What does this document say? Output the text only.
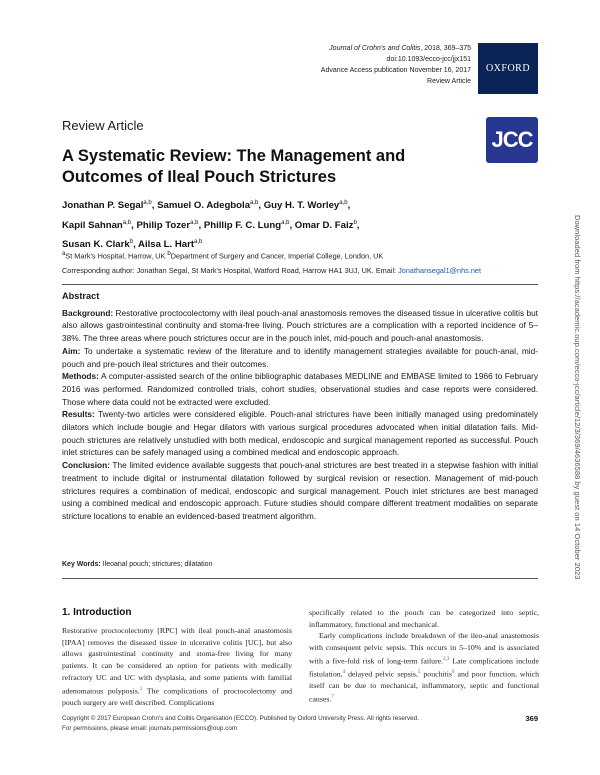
Journal of Crohn's and Colitis, 2018, 369–375
doi:10.1093/ecco-jcc/jjx151
Advance Access publication November 16, 2017
Review Article
OXFORD
Review Article
JCC
A Systematic Review: The Management and Outcomes of Ileal Pouch Strictures
Jonathan P. Segal$^{a,b}$, Samuel O. Adegbola$^{a,b}$, Guy H. T. Worley$^{a,b}$,
Kapil Sahnan$^{a,b}$, Philip Tozer$^{a,b}$, Phillip F. C. Lung$^{a,b}$, Omar D. Faiz$^b$,
Susan K. Clark$^b$, Ailsa L. Hart$^{a,b}$
$^a$St Mark's Hospital, Harrow, UK $^b$Department of Surgery and Cancer, Imperial College, London, UK
Corresponding author: Jonathan Segal, St Mark's Hospital, Watford Road, Harrow HA1 3UJ, UK. Email: Jonathansegal1@nhs.net
Abstract

Background: Restorative proctocolectomy with ileal pouch-anal anastomosis removes the diseased tissue in ulcerative colitis but also allows gastrointestinal continuity and stoma-free living. Pouch strictures are a complication with a reported incidence of 5–38%. The three areas where pouch strictures occur are in the pouch inlet, mid-pouch and pouch-anal anastomosis.

Aim: To undertake a systematic review of the literature and to identify management strategies available for pouch-anal, mid-pouch and pre-pouch ileal strictures and their outcomes.

Methods: A computer-assisted search of the online bibliographic databases MEDLINE and EMBASE limited to 1966 to February 2016 was performed. Randomized controlled trials, cohort studies, observational studies and case reports were considered. Those where data could not be extracted were excluded.

Results: Twenty-two articles were considered eligible. Pouch-anal strictures have been initially managed using predominately dilators which include bougie and Hegar dilators with various surgical procedures advocated when initial dilatation fails. Mid-pouch strictures are relatively unstudied with both medical, endoscopic and surgical management reported as successful. Pouch inlet strictures can be safely managed using a combined medical and endoscopic approach.

Conclusion: The limited evidence available suggests that pouch-anal strictures are best treated in a stepwise fashion with initial treatment to include digital or instrumental dilatation followed by surgical revision or resection. Management of mid-pouch strictures requires a combination of medical, endoscopic and surgical management. Pouch inlet strictures are best managed using a combined medical and endoscopic approach. Future studies should compare different treatment modalities on separate stricture locations to enable an evidenced-based treatment algorithm.

Key Words: Ileoanal pouch; strictures; dilatation
1. Introduction

Restorative proctocolectomy [RPC] with ileal pouch-anal anastomosis [IPAA] removes the diseased tissue in ulcerative colitis [UC], but also allows gastrointestinal continuity and stoma-free living for many patients. It can be considered an option for patients with medically refractory UC and UC with dysplasia, and some patients with familial adenomatous polyposis.$^1$ The complications of proctocolectomy and pouch surgery are well described. Complications

specifically related to the pouch can be categorized into septic, inflammatory, functional and mechanical.

Early complications include breakdown of the ileo-anal anastomosis with consequent pelvic sepsis. This occurs in 5–10% and is associated with a five-fold risk of long-term failure.$^{2,3}$ Late complications include fistulation,$^4$ delayed pelvic sepsis,$^5$ pouchitis$^6$ and poor function, which itself can be due to mechanical, inflammatory, septic and functional causes.$^7$

Copyright © 2017 European Crohn's and Colitis Organisation (ECCO). Published by Oxford University Press. All rights reserved.
For permissions, please email: journals.permissions@oup.com
369
Downloaded from https://academic.oup.com/ecco-jcc/article/12/3/369/4636588 by guest on 14 October 2023
